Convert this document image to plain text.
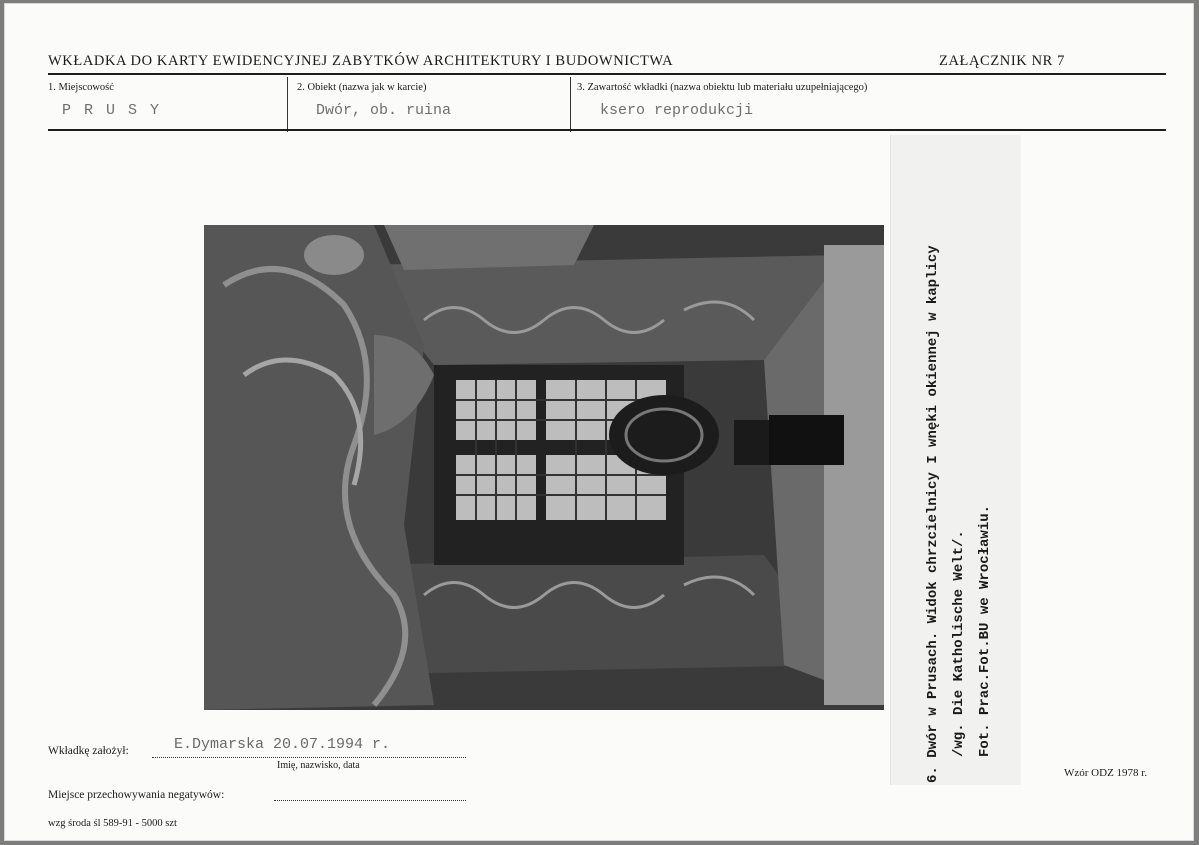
WKŁADKA DO KARTY EWIDENCYJNEJ ZABYTKÓW ARCHITEKTURY I BUDOWNICTWA	ZAŁĄCZNIK NR 7
1. Miejscowość
P R U S Y
2. Obiekt (nazwa jak w karcie)
Dwór, ob. ruina
3. Zawartość wkładki (nazwa obiektu lub materiału uzupełniającego)
ksero reprodukcji
6. Dwór w Prusach. Widok chrzcielnicy I wnęki okiennej w kaplicy /wg. Die Katholische Welt/. Fot. Prac.Fot.BU we Wrocławiu.
Wkładkę założył:	E.Dymarska 20.07.1994 r.
Imię, nazwisko, data
Miejsce przechowywania negatywów:
wzg środa śl 589-91 - 5000 szt
Wzór ODZ 1978 r.
